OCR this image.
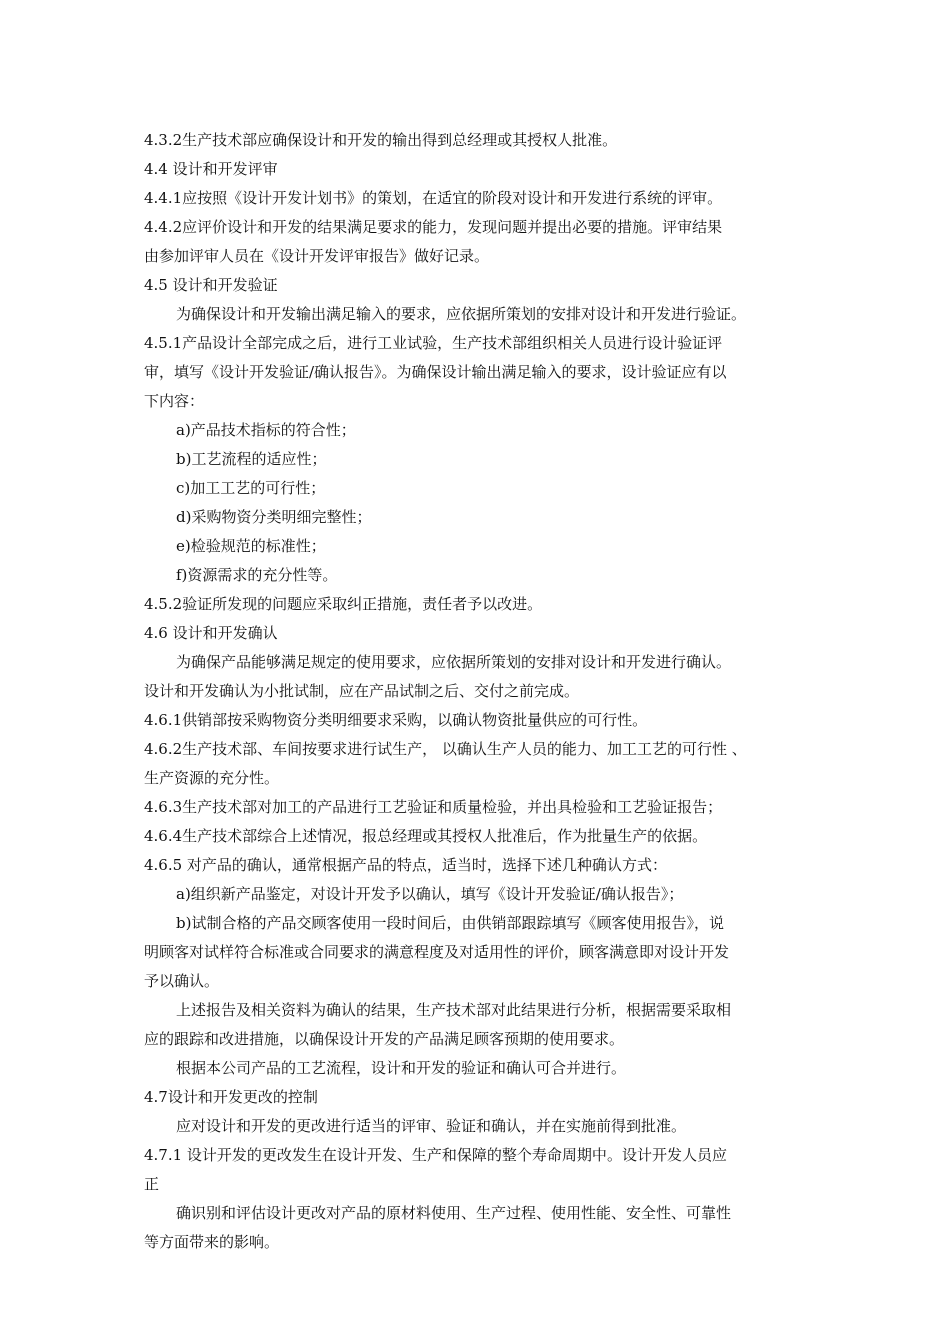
4.3.2生产技术部应确保设计和开发的输出得到总经理或其授权人批准。

4.4 设计和开发评审

4.4.1应按照《设计开发计划书》的策划，在适宜的阶段对设计和开发进行系统的评审。

4.4.2应评价设计和开发的结果满足要求的能力，发现问题并提出必要的措施。评审结果

由参加评审人员在《设计开发评审报告》做好记录。

4.5 设计和开发验证

为确保设计和开发输出满足输入的要求，应依据所策划的安排对设计和开发进行验证。

4.5.1产品设计全部完成之后，进行工业试验，生产技术部组织相关人员进行设计验证评

审，填写《设计开发验证/确认报告》。为确保设计输出满足输入的要求，设计验证应有以

下内容：

a)产品技术指标的符合性；

b)工艺流程的适应性；

c)加工工艺的可行性；

d)采购物资分类明细完整性；

e)检验规范的标准性；

f)资源需求的充分性等。

4.5.2验证所发现的问题应采取纠正措施，责任者予以改进。

4.6 设计和开发确认

为确保产品能够满足规定的使用要求，应依据所策划的安排对设计和开发进行确认。

设计和开发确认为小批试制，应在产品试制之后、交付之前完成。

4.6.1供销部按采购物资分类明细要求采购，以确认物资批量供应的可行性。

4.6.2生产技术部、车间按要求进行试生产， 以确认生产人员的能力、加工工艺的可行性 、

生产资源的充分性。

4.6.3生产技术部对加工的产品进行工艺验证和质量检验，并出具检验和工艺验证报告；

4.6.4生产技术部综合上述情况，报总经理或其授权人批准后，作为批量生产的依据。

4.6.5 对产品的确认，通常根据产品的特点，适当时，选择下述几种确认方式：

a)组织新产品鉴定，对设计开发予以确认，填写《设计开发验证/确认报告》；

b)试制合格的产品交顾客使用一段时间后，由供销部跟踪填写《顾客使用报告》，说

明顾客对试样符合标准或合同要求的满意程度及对适用性的评价，顾客满意即对设计开发

予以确认。

上述报告及相关资料为确认的结果，生产技术部对此结果进行分析，根据需要采取相

应的跟踪和改进措施，以确保设计开发的产品满足顾客预期的使用要求。

根据本公司产品的工艺流程，设计和开发的验证和确认可合并进行。

4.7设计和开发更改的控制

应对设计和开发的更改进行适当的评审、验证和确认，并在实施前得到批准。

4.7.1 设计开发的更改发生在设计开发、生产和保障的整个寿命周期中。设计开发人员应

正

确识别和评估设计更改对产品的原材料使用、生产过程、使用性能、安全性、可靠性

等方面带来的影响。
